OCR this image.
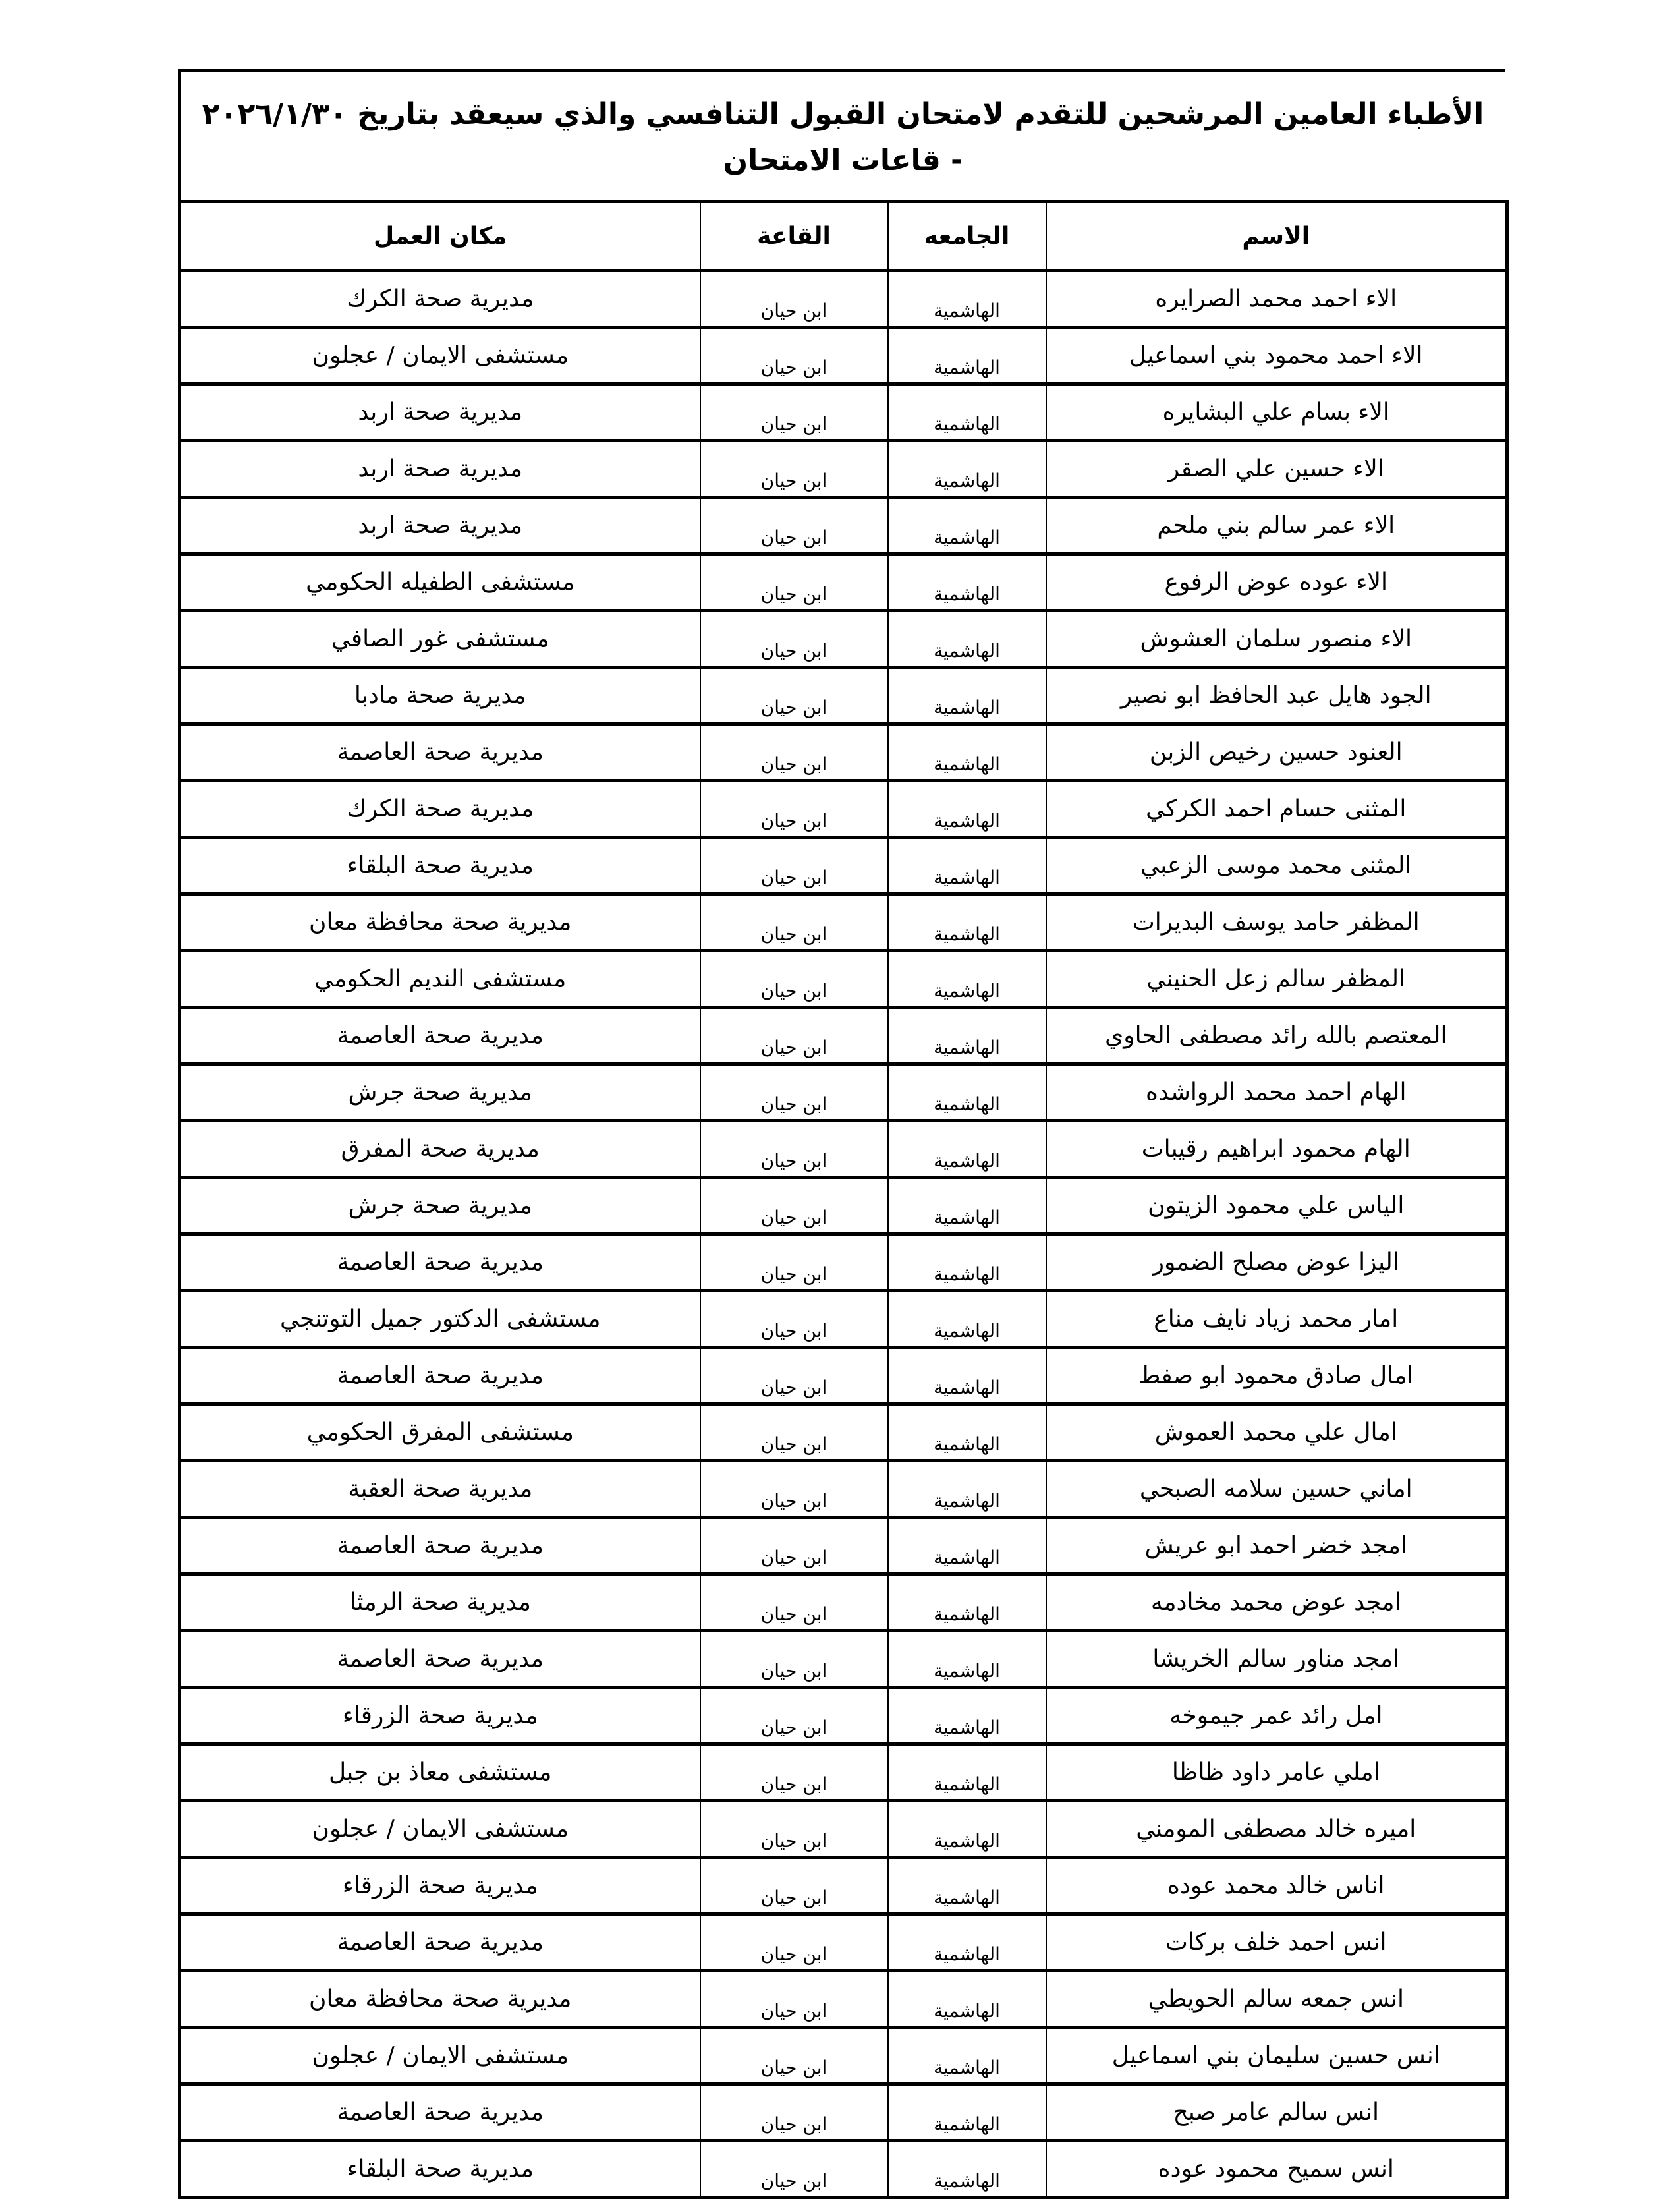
الأطباء العامين المرشحين للتقدم لامتحان القبول التنافسي والذي سيعقد بتاريخ ٢٠٢٦/١/٣٠ - قاعات الامتحان
الاسم	الجامعه	القاعة	مكان العمل
الاء احمد محمد الصرايره	الهاشمية	ابن حيان	مديرية صحة الكرك
الاء احمد محمود بني اسماعيل	الهاشمية	ابن حيان	مستشفى الايمان / عجلون
الاء بسام علي البشايره	الهاشمية	ابن حيان	مديرية صحة اربد
الاء حسين علي الصقر	الهاشمية	ابن حيان	مديرية صحة اربد
الاء عمر سالم بني ملحم	الهاشمية	ابن حيان	مديرية صحة اربد
الاء عوده عوض الرفوع	الهاشمية	ابن حيان	مستشفى الطفيله الحكومي
الاء منصور سلمان العشوش	الهاشمية	ابن حيان	مستشفى غور الصافي
الجود هايل عبد الحافظ ابو نصير	الهاشمية	ابن حيان	مديرية صحة مادبا
العنود حسين رخيص الزبن	الهاشمية	ابن حيان	مديرية صحة العاصمة
المثنى حسام احمد الكركي	الهاشمية	ابن حيان	مديرية صحة الكرك
المثنى محمد موسى الزعبي	الهاشمية	ابن حيان	مديرية صحة البلقاء
المظفر حامد يوسف البديرات	الهاشمية	ابن حيان	مديرية صحة محافظة معان
المظفر سالم زعل الحنيني	الهاشمية	ابن حيان	مستشفى النديم الحكومي
المعتصم بالله رائد مصطفى الحاوي	الهاشمية	ابن حيان	مديرية صحة العاصمة
الهام احمد محمد الرواشده	الهاشمية	ابن حيان	مديرية صحة جرش
الهام محمود ابراهيم رقيبات	الهاشمية	ابن حيان	مديرية صحة المفرق
الياس علي محمود الزيتون	الهاشمية	ابن حيان	مديرية صحة جرش
اليزا عوض مصلح الضمور	الهاشمية	ابن حيان	مديرية صحة العاصمة
امار محمد زياد نايف مناع	الهاشمية	ابن حيان	مستشفى الدكتور جميل التوتنجي
امال صادق محمود ابو صفط	الهاشمية	ابن حيان	مديرية صحة العاصمة
امال علي محمد العموش	الهاشمية	ابن حيان	مستشفى المفرق الحكومي
اماني حسين سلامه الصبحي	الهاشمية	ابن حيان	مديرية صحة العقبة
امجد خضر احمد ابو عريش	الهاشمية	ابن حيان	مديرية صحة العاصمة
امجد عوض محمد مخادمه	الهاشمية	ابن حيان	مديرية صحة الرمثا
امجد مناور سالم الخريشا	الهاشمية	ابن حيان	مديرية صحة العاصمة
امل رائد عمر جيموخه	الهاشمية	ابن حيان	مديرية صحة الزرقاء
املي عامر داود ظاظا	الهاشمية	ابن حيان	مستشفى معاذ بن جبل
اميره خالد مصطفى المومني	الهاشمية	ابن حيان	مستشفى الايمان / عجلون
اناس خالد محمد عوده	الهاشمية	ابن حيان	مديرية صحة الزرقاء
انس احمد خلف بركات	الهاشمية	ابن حيان	مديرية صحة العاصمة
انس جمعه سالم الحويطي	الهاشمية	ابن حيان	مديرية صحة محافظة معان
انس حسين سليمان بني اسماعيل	الهاشمية	ابن حيان	مستشفى الايمان / عجلون
انس سالم عامر صبح	الهاشمية	ابن حيان	مديرية صحة العاصمة
انس سميح محمود عوده	الهاشمية	ابن حيان	مديرية صحة البلقاء
